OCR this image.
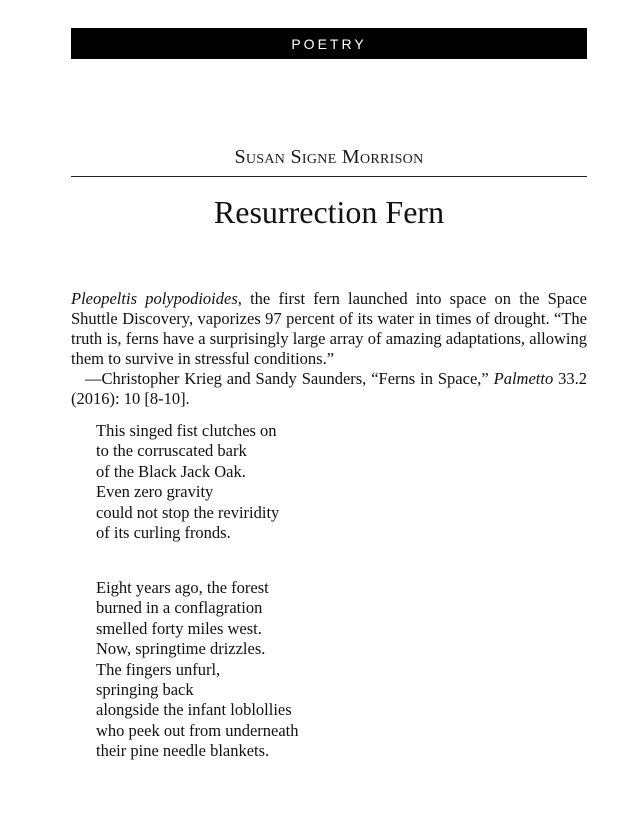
POETRY
Susan Signe Morrison
Resurrection Fern

Pleopeltis polypodioides, the first fern launched into space on the Space Shuttle Discovery, vaporizes 97 percent of its water in times of drought. “The truth is, ferns have a surprisingly large array of amazing adaptations, allowing them to survive in stressful conditions.”

—Christopher Krieg and Sandy Saunders, “Ferns in Space,” Palmetto 33.2 (2016): 10 [8-10].

This singed fist clutches on
to the corruscated bark
of the Black Jack Oak.
Even zero gravity
could not stop the reviridity
of its curling fronds.
Eight years ago, the forest
burned in a conflagration
smelled forty miles west.
Now, springtime drizzles.
The fingers unfurl,
springing back
alongside the infant loblollies
who peek out from underneath
their pine needle blankets.
